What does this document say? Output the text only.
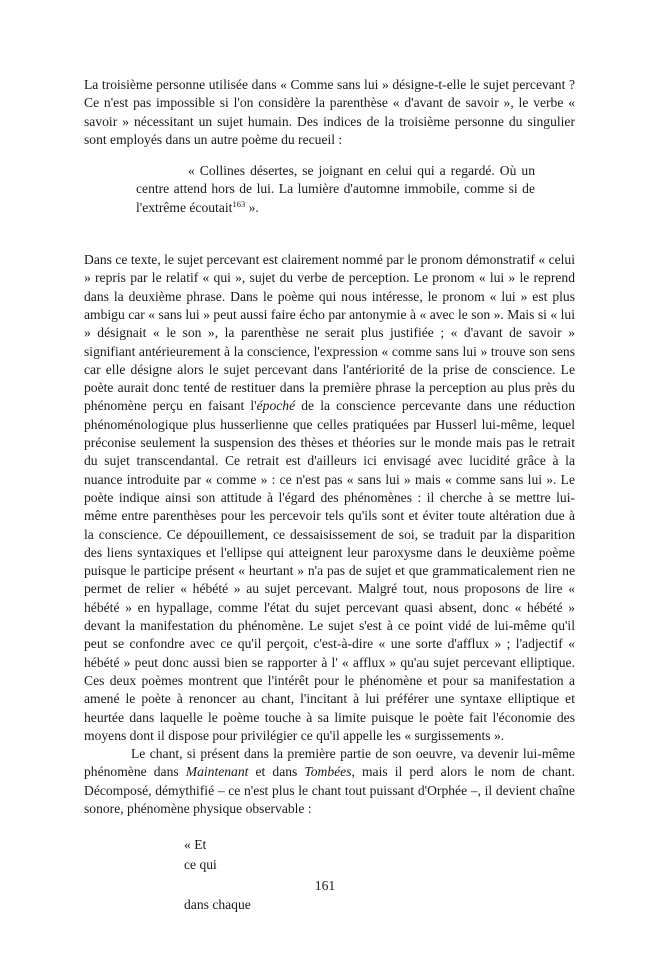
La troisième personne utilisée dans « Comme sans lui » désigne-t-elle le sujet percevant ? Ce n'est pas impossible si l'on considère la parenthèse « d'avant de savoir », le verbe « savoir » nécessitant un sujet humain. Des indices de la troisième personne du singulier sont employés dans un autre poème du recueil :

« Collines désertes, se joignant en celui qui a regardé. Où un centre attend hors de lui. La lumière d'automne immobile, comme si de l'extrême écoutait$^{163}$ ».

Dans ce texte, le sujet percevant est clairement nommé par le pronom démonstratif « celui » repris par le relatif « qui », sujet du verbe de perception. Le pronom « lui » le reprend dans la deuxième phrase. Dans le poème qui nous intéresse, le pronom « lui » est plus ambigu car « sans lui » peut aussi faire écho par antonymie à « avec le son ». Mais si « lui » désignait « le son », la parenthèse ne serait plus justifiée ; « d'avant de savoir » signifiant antérieurement à la conscience, l'expression « comme sans lui » trouve son sens car elle désigne alors le sujet percevant dans l'antériorité de la prise de conscience. Le poète aurait donc tenté de restituer dans la première phrase la perception au plus près du phénomène perçu en faisant l'époché de la conscience percevante dans une réduction phénoménologique plus husserlienne que celles pratiquées par Husserl lui-même, lequel préconise seulement la suspension des thèses et théories sur le monde mais pas le retrait du sujet transcendantal. Ce retrait est d'ailleurs ici envisagé avec lucidité grâce à la nuance introduite par « comme » : ce n'est pas « sans lui » mais « comme sans lui ». Le poète indique ainsi son attitude à l'égard des phénomènes : il cherche à se mettre lui-même entre parenthèses pour les percevoir tels qu'ils sont et éviter toute altération due à la conscience. Ce dépouillement, ce dessaisissement de soi, se traduit par la disparition des liens syntaxiques et l'ellipse qui atteignent leur paroxysme dans le deuxième poème puisque le participe présent « heurtant » n'a pas de sujet et que grammaticalement rien ne permet de relier « hébété » au sujet percevant. Malgré tout, nous proposons de lire « hébété » en hypallage, comme l'état du sujet percevant quasi absent, donc « hébété » devant la manifestation du phénomène. Le sujet s'est à ce point vidé de lui-même qu'il peut se confondre avec ce qu'il perçoit, c'est-à-dire « une sorte d'afflux » ; l'adjectif « hébété » peut donc aussi bien se rapporter à l' « afflux » qu'au sujet percevant elliptique. Ces deux poèmes montrent que l'intérêt pour le phénomène et pour sa manifestation a amené le poète à renoncer au chant, l'incitant à lui préférer une syntaxe elliptique et heurtée dans laquelle le poème touche à sa limite puisque le poète fait l'économie des moyens dont il dispose pour privilégier ce qu'il appelle les « surgissements ».

Le chant, si présent dans la première partie de son oeuvre, va devenir lui-même phénomène dans Maintenant et dans Tombées, mais il perd alors le nom de chant. Décomposé, démythifié – ce n'est plus le chant tout puissant d'Orphée –, il devient chaîne sonore, phénomène physique observable :

« Et
ce qui
dans chaque
161
